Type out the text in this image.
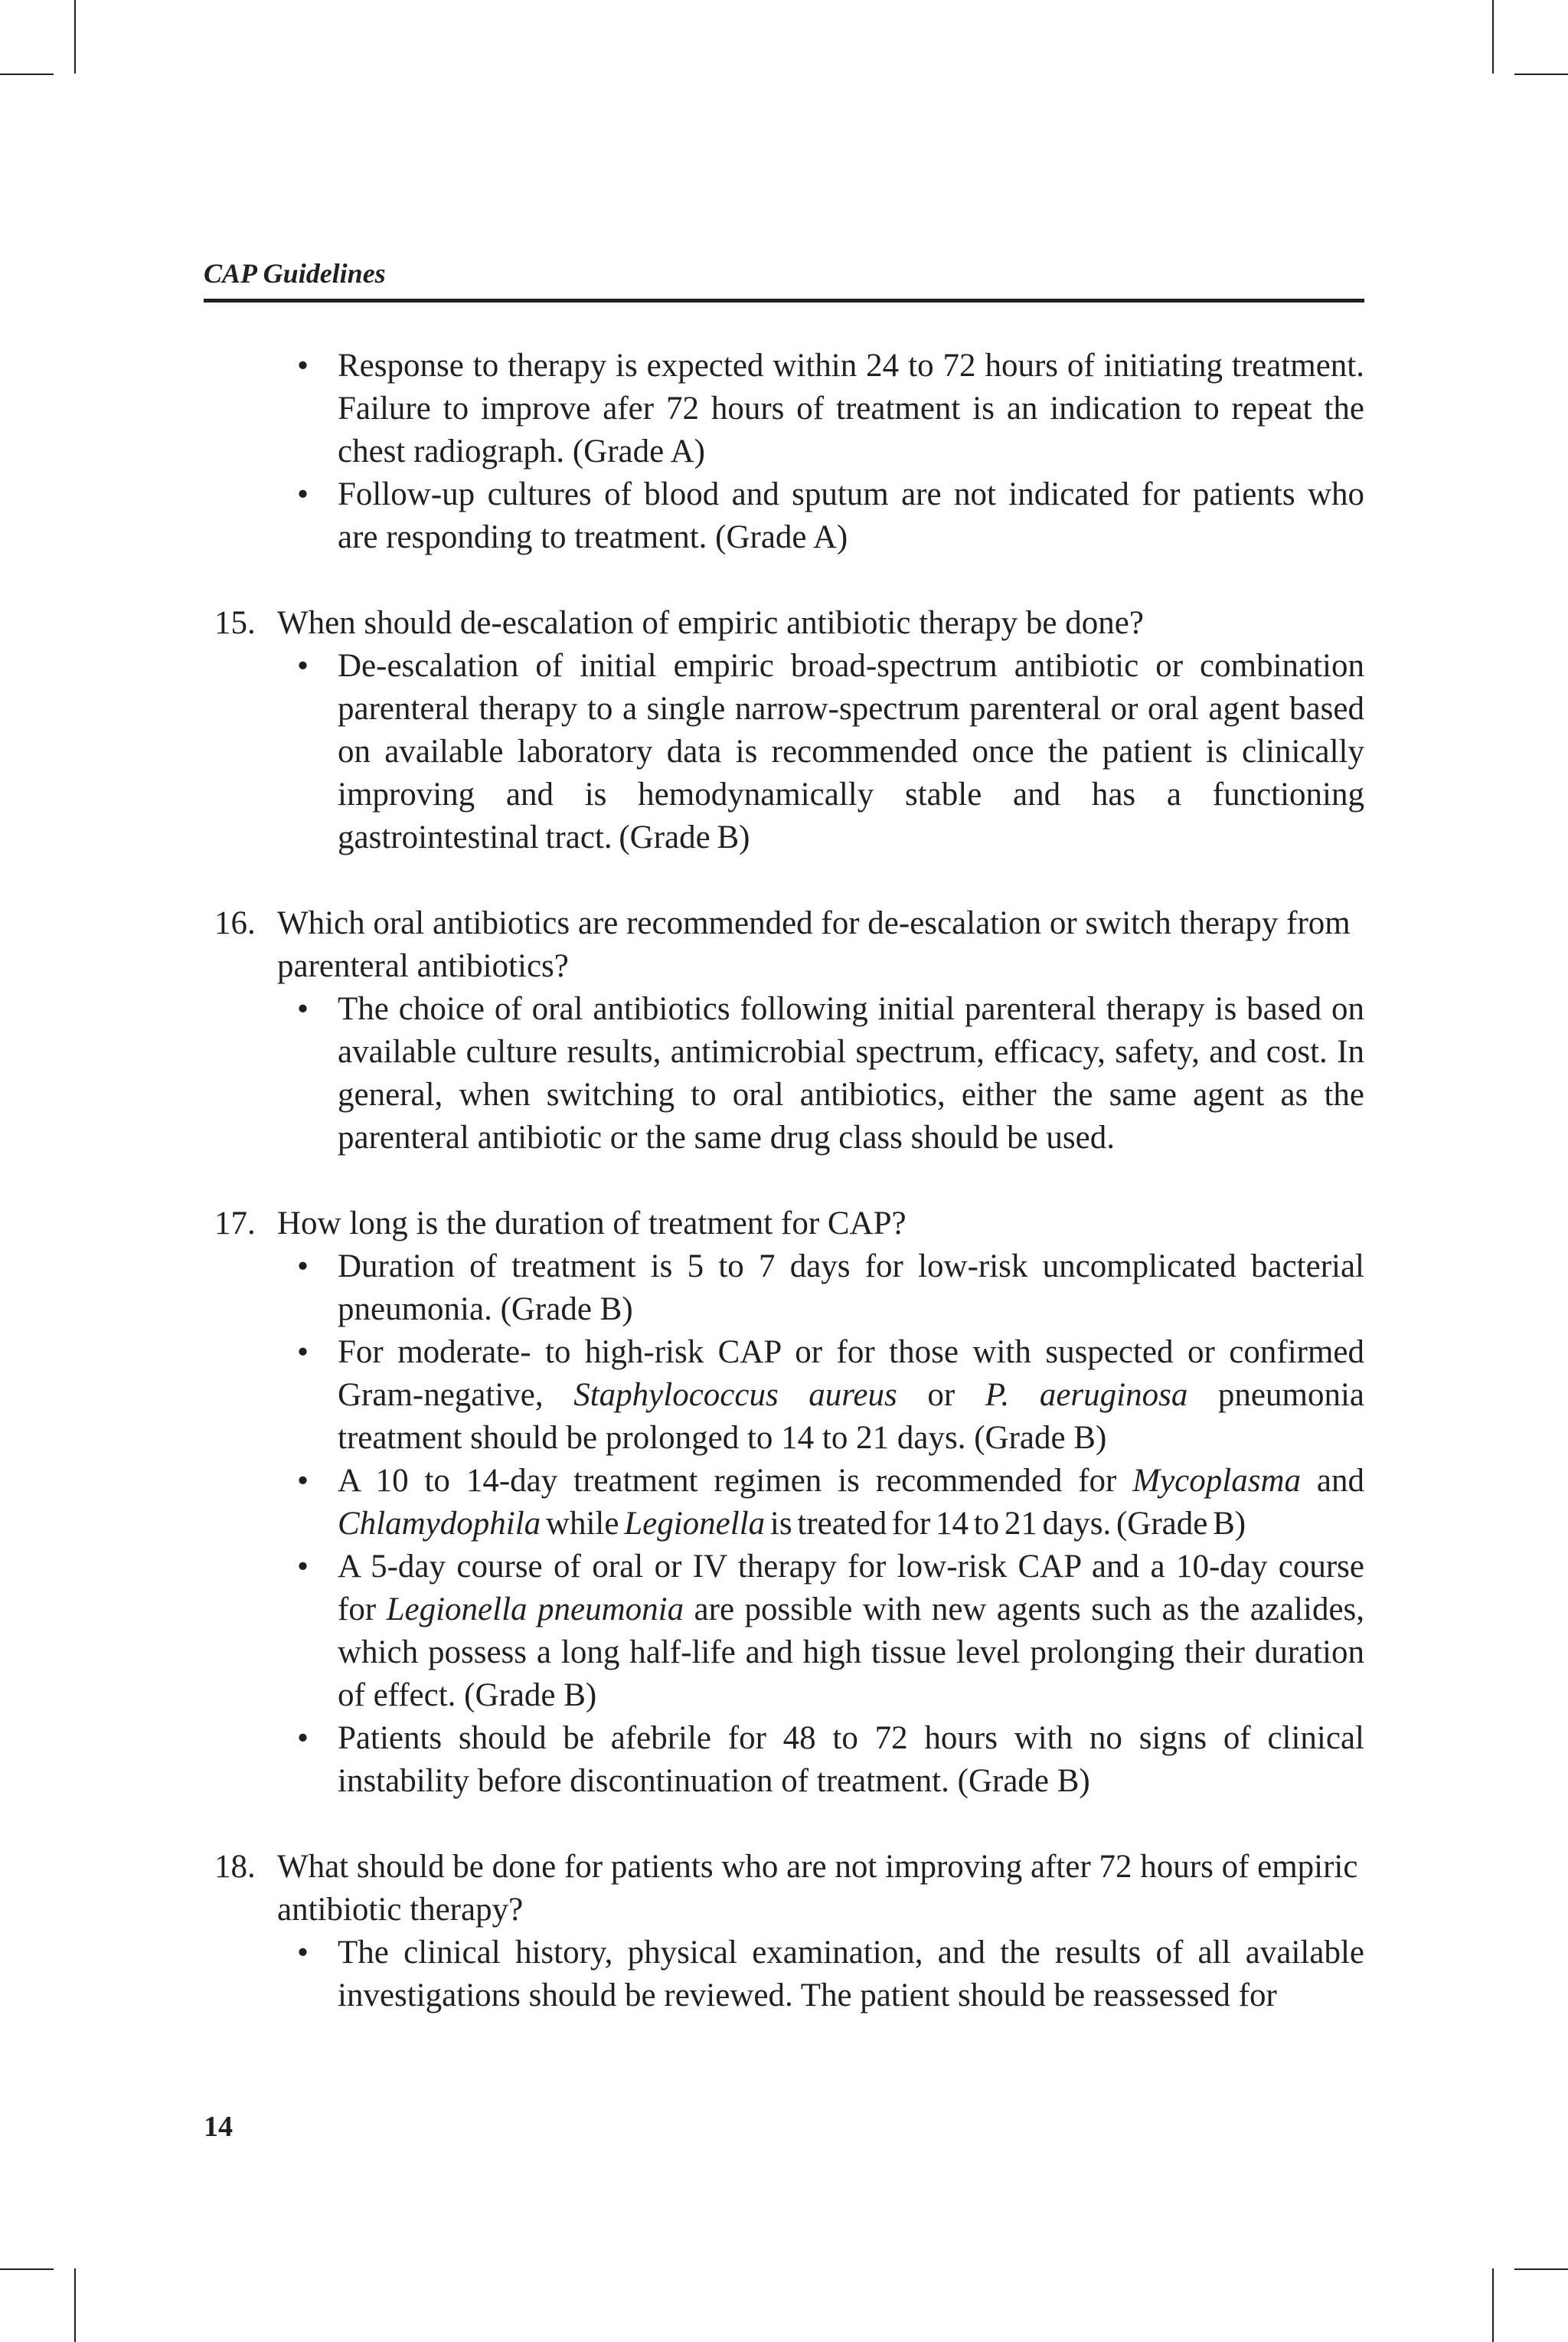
CAP Guidelines
• Response to therapy is expected within 24 to 72 hours of initiating treatment. Failure to improve afer 72 hours of treatment is an indication to repeat the chest radiograph. (Grade A)
• Follow-up cultures of blood and sputum are not indicated for patients who are responding to treatment. (Grade A)
15. When should de-escalation of empiric antibiotic therapy be done?
• De-escalation of initial empiric broad-spectrum antibiotic or combination parenteral therapy to a single narrow-spectrum parenteral or oral agent based on available laboratory data is recommended once the patient is clinically improving and is hemodynamically stable and has a functioning gastrointestinal tract. (Grade B)
16. Which oral antibiotics are recommended for de-escalation or switch therapy from parenteral antibiotics?
• The choice of oral antibiotics following initial parenteral therapy is based on available culture results, antimicrobial spectrum, efficacy, safety, and cost. In general, when switching to oral antibiotics, either the same agent as the parenteral antibiotic or the same drug class should be used.
17. How long is the duration of treatment for CAP?
• Duration of treatment is 5 to 7 days for low-risk uncomplicated bacterial pneumonia. (Grade B)
• For moderate- to high-risk CAP or for those with suspected or confirmed Gram-negative, Staphylococcus aureus or P. aeruginosa pneumonia treatment should be prolonged to 14 to 21 days. (Grade B)
• A 10 to 14-day treatment regimen is recommended for Mycoplasma and Chlamydophila while Legionella is treated for 14 to 21 days. (Grade B)
• A 5-day course of oral or IV therapy for low-risk CAP and a 10-day course for Legionella pneumonia are possible with new agents such as the azalides, which possess a long half-life and high tissue level prolonging their duration of effect. (Grade B)
• Patients should be afebrile for 48 to 72 hours with no signs of clinical instability before discontinuation of treatment. (Grade B)
18. What should be done for patients who are not improving after 72 hours of empiric antibiotic therapy?
• The clinical history, physical examination, and the results of all available investigations should be reviewed. The patient should be reassessed for
14
